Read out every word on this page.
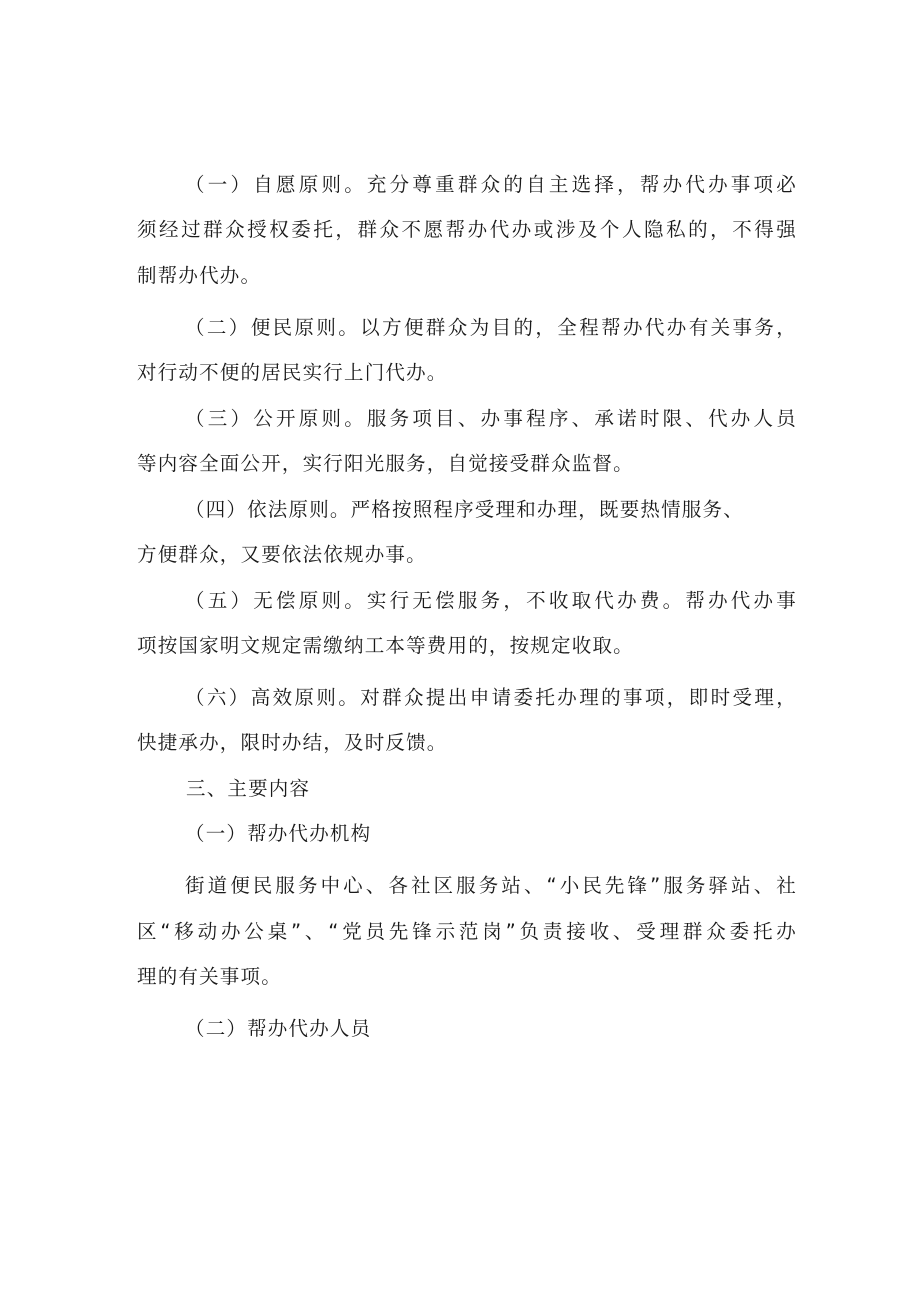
（一）自愿原则。充分尊重群众的自主选择，帮办代办事项必
须经过群众授权委托，群众不愿帮办代办或涉及个人隐私的，不得强
制帮办代办。
（二）便民原则。以方便群众为目的，全程帮办代办有关事务，
对行动不便的居民实行上门代办。
（三）公开原则。服务项目、办事程序、承诺时限、代办人员
等内容全面公开，实行阳光服务，自觉接受群众监督。
（四）依法原则。严格按照程序受理和办理，既要热情服务、
方便群众，又要依法依规办事。
（五）无偿原则。实行无偿服务，不收取代办费。帮办代办事
项按国家明文规定需缴纳工本等费用的，按规定收取。
（六）高效原则。对群众提出申请委托办理的事项，即时受理，
快捷承办，限时办结，及时反馈。
三、主要内容
（一）帮办代办机构
街道便民服务中心、各社区服务站、“小民先锋”服务驿站、社
区“移动办公桌”、“党员先锋示范岗”负责接收、受理群众委托办
理的有关事项。
（二）帮办代办人员
